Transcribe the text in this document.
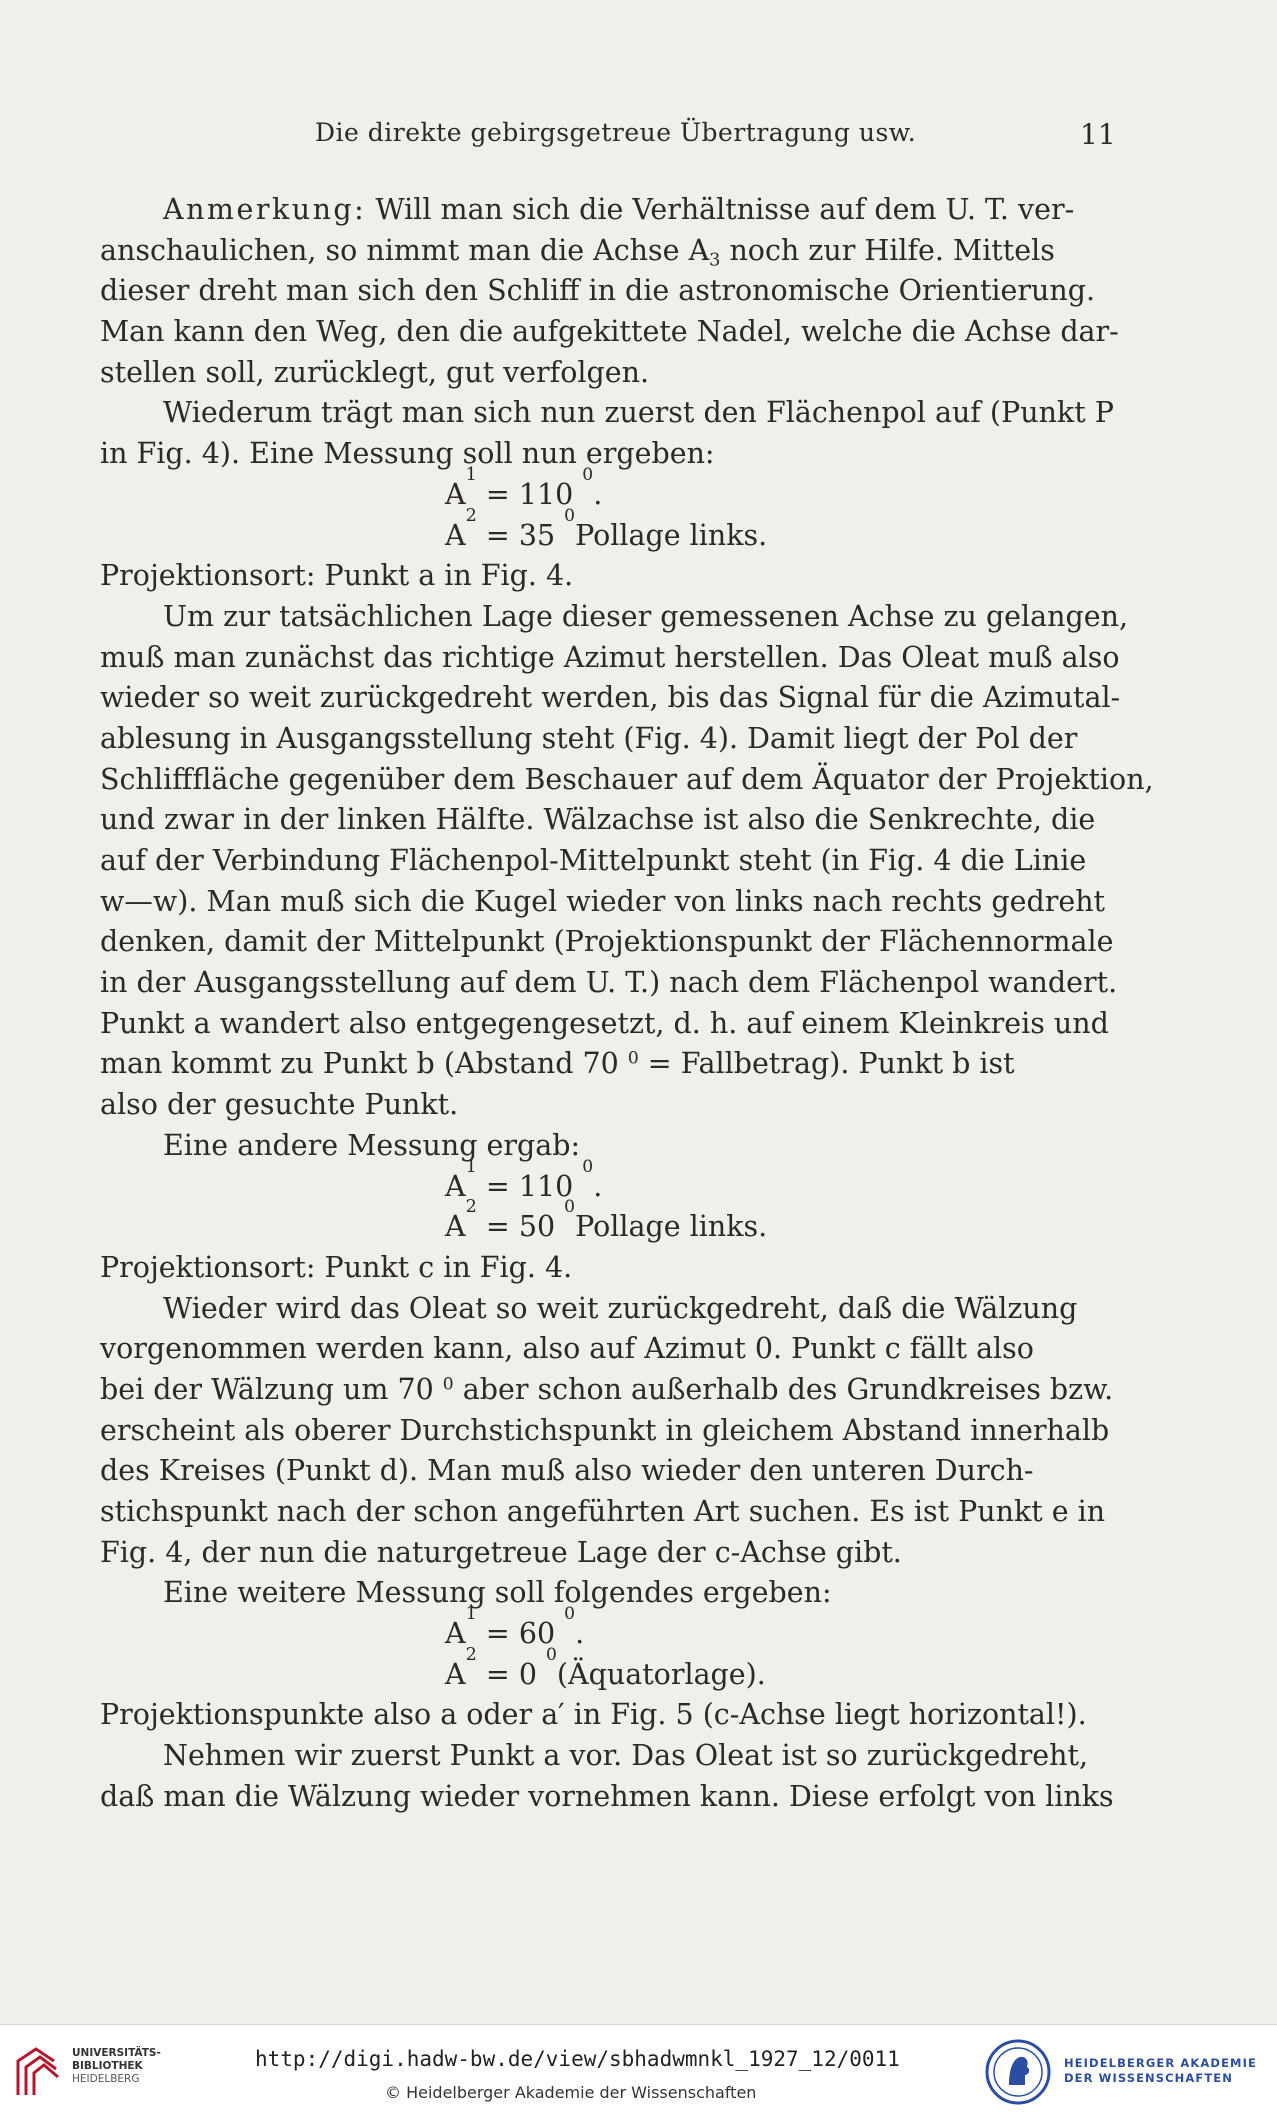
Die direkte gebirgsgetreue Übertragung usw.	11
Anmerkung: Will man sich die Verhältnisse auf dem U. T. ver-
anschaulichen, so nimmt man die Achse $A_3$ noch zur Hilfe. Mittels
dieser dreht man sich den Schliff in die astronomische Orientierung.
Man kann den Weg, den die aufgekittete Nadel, welche die Achse dar-
stellen soll, zurücklegt, gut verfolgen.
Wiederum trägt man sich nun zuerst den Flächenpol auf (Punkt P
in Fig. 4). Eine Messung soll nun ergeben:
A
1

= 110

0
.
A
2

= 35

0
Pollage links.
Projektionsort: Punkt a in Fig. 4.
Um zur tatsächlichen Lage dieser gemessenen Achse zu gelangen,
muß man zunächst das richtige Azimut herstellen. Das Oleat muß also
wieder so weit zurückgedreht werden, bis das Signal für die Azimutal-
ablesung in Ausgangsstellung steht (Fig. 4). Damit liegt der Pol der
Schlifffläche gegenüber dem Beschauer auf dem Äquator der Projektion,
und zwar in der linken Hälfte. Wälzachse ist also die Senkrechte, die
auf der Verbindung Flächenpol-Mittelpunkt steht (in Fig. 4 die Linie
w—w). Man muß sich die Kugel wieder von links nach rechts gedreht
denken, damit der Mittelpunkt (Projektionspunkt der Flächennormale
in der Ausgangsstellung auf dem U. T.) nach dem Flächenpol wandert.
Punkt a wandert also entgegengesetzt, d. h. auf einem Kleinkreis und
man kommt zu Punkt b (Abstand 70 $^0$ = Fallbetrag). Punkt b ist
also der gesuchte Punkt.
Eine andere Messung ergab:
A
1

= 110

0
.
A
2

= 50

0
Pollage links.
Projektionsort: Punkt c in Fig. 4.
Wieder wird das Oleat so weit zurückgedreht, daß die Wälzung
vorgenommen werden kann, also auf Azimut 0. Punkt c fällt also
bei der Wälzung um 70 $^0$ aber schon außerhalb des Grundkreises bzw.
erscheint als oberer Durchstichspunkt in gleichem Abstand innerhalb
des Kreises (Punkt d). Man muß also wieder den unteren Durch-
stichspunkt nach der schon angeführten Art suchen. Es ist Punkt e in
Fig. 4, der nun die naturgetreue Lage der c-Achse gibt.
Eine weitere Messung soll folgendes ergeben:
A
1

= 60

0
.
A
2

= 0

0
(Äquatorlage).
Projektionspunkte also a oder a′ in Fig. 5 (c-Achse liegt horizontal!).
Nehmen wir zuerst Punkt a vor. Das Oleat ist so zurückgedreht,
daß man die Wälzung wieder vornehmen kann. Diese erfolgt von links
UNIVERSITÄTS-
BIBLIOTHEK
HEIDELBERG
http://digi.hadw-bw.de/view/sbhadwmnkl_1927_12/0011
© Heidelberger Akademie der Wissenschaften
HEIDELBERGER AKADEMIE
DER WISSENSCHAFTEN
